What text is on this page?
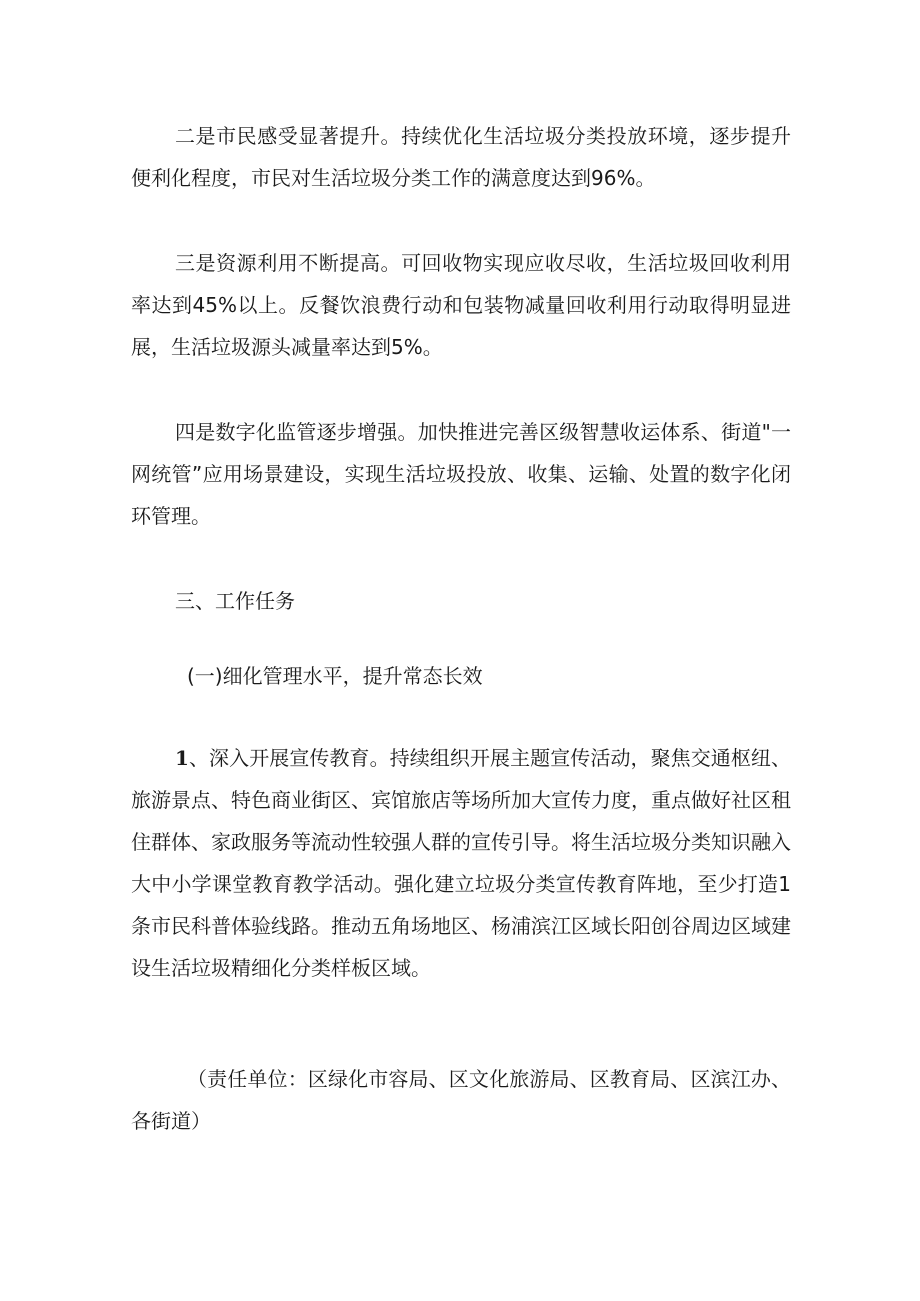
二是市民感受显著提升。持续优化生活垃圾分类投放环境，逐步提升便利化程度，市民对生活垃圾分类工作的满意度达到96%。

三是资源利用不断提高。可回收物实现应收尽收，生活垃圾回收利用率达到45%以上。反餐饮浪费行动和包装物减量回收利用行动取得明显进展，生活垃圾源头减量率达到5%。

四是数字化监管逐步增强。加快推进完善区级智慧收运体系、街道"一网统管”应用场景建设，实现生活垃圾投放、收集、运输、处置的数字化闭环管理。

三、工作任务

(一)细化管理水平，提升常态长效

1、深入开展宣传教育。持续组织开展主题宣传活动，聚焦交通枢纽、旅游景点、特色商业街区、宾馆旅店等场所加大宣传力度，重点做好社区租住群体、家政服务等流动性较强人群的宣传引导。将生活垃圾分类知识融入大中小学课堂教育教学活动。强化建立垃圾分类宣传教育阵地，至少打造1条市民科普体验线路。推动五角场地区、杨浦滨江区域长阳创谷周边区域建设生活垃圾精细化分类样板区域。

（责任单位：区绿化市容局、区文化旅游局、区教育局、区滨江办、各街道）
